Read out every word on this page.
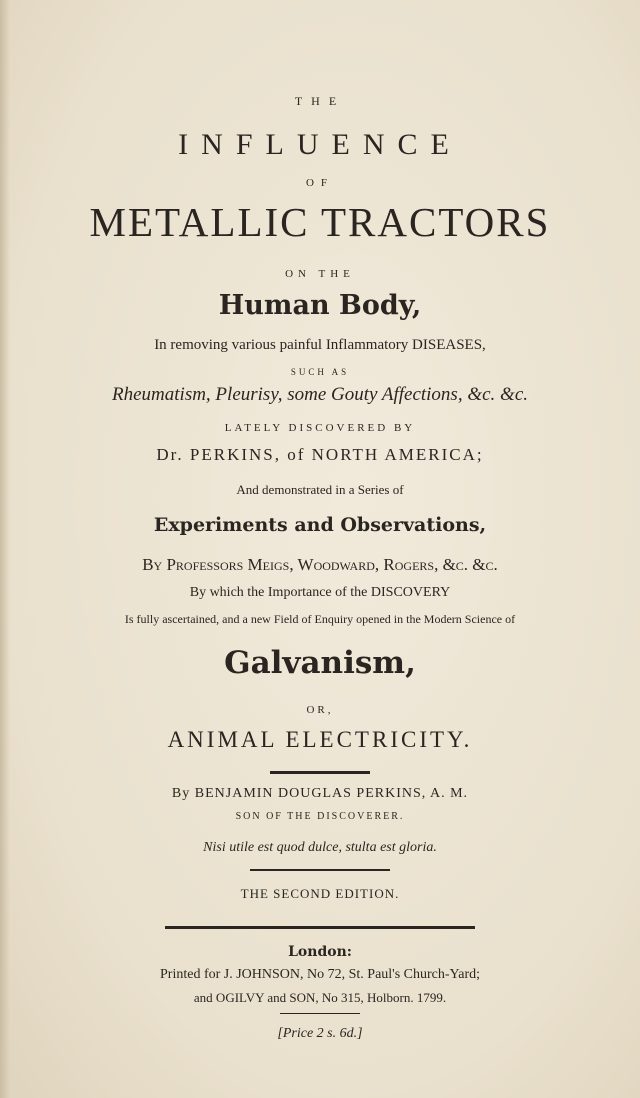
THE
INFLUENCE
OF
METALLIC TRACTORS
ON THE
Human Body,
In removing various painful Inflammatory DISEASES,
SUCH AS
Rheumatism, Pleurisy, some Gouty Affections, &c. &c.
LATELY DISCOVERED BY
Dr. PERKINS, of NORTH AMERICA;
And demonstrated in a Series of
Experiments and Observations,
By Professors Meigs, Woodward, Rogers, &c. &c.
By which the Importance of the DISCOVERY
Is fully ascertained, and a new Field of Enquiry opened in the Modern Science of
Galvanism,
OR,
ANIMAL ELECTRICITY.
By BENJAMIN DOUGLAS PERKINS, A. M.
SON OF THE DISCOVERER.
Nisi utile est quod dulce, stulta est gloria.
THE SECOND EDITION.
London:
Printed for J. JOHNSON, No 72, St. Paul's Church-Yard;
and OGILVY and SON, No 315, Holborn. 1799.
[Price 2 s. 6d.]
